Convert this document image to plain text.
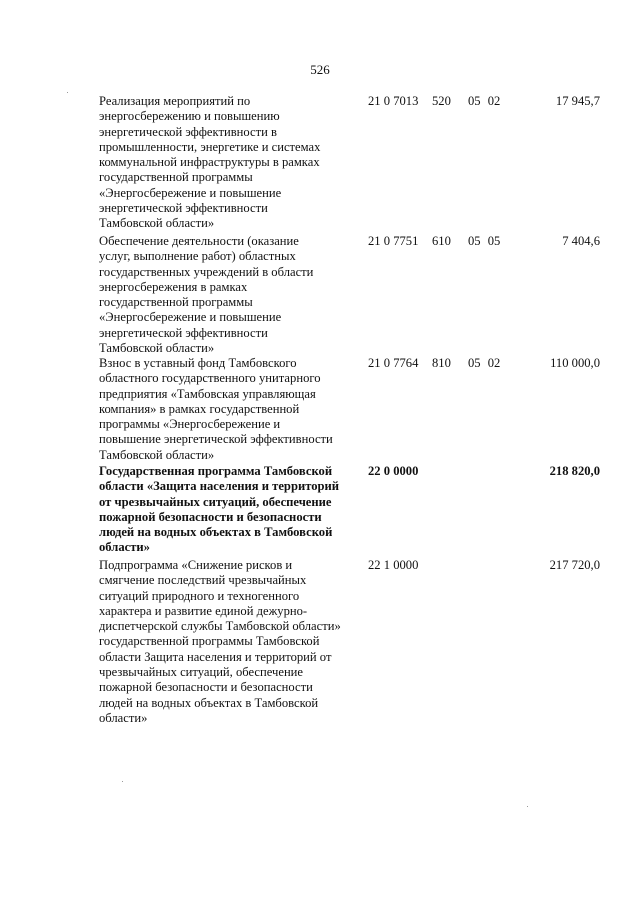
526
Реализация мероприятий по
энергосбережению и повышению
энергетической эффективности в
промышленности, энергетике и системах
коммунальной инфраструктуры в рамках
государственной программы
«Энергосбережение и повышение
энергетической эффективности
Тамбовской области»
21 0 7013 520 05 02	17 945,7
Обеспечение деятельности (оказание
услуг, выполнение работ) областных
государственных учреждений в области
энергосбережения в рамках
государственной программы
«Энергосбережение и повышение
энергетической эффективности
Тамбовской области»
21 0 7751 610 05 05	7 404,6
Взнос в уставный фонд Тамбовского
областного государственного унитарного
предприятия «Тамбовская управляющая
компания» в рамках государственной
программы «Энергосбережение и
повышение энергетической эффективности
Тамбовской области»
21 0 7764 810 05 02	110 000,0
Государственная программа Тамбовской
области «Защита населения и территорий
от чрезвычайных ситуаций, обеспечение
пожарной безопасности и безопасности
людей на водных объектах в Тамбовской
области»
22 0 0000	218 820,0
Подпрограмма «Снижение рисков и
смягчение последствий чрезвычайных
ситуаций природного и техногенного
характера и развитие единой дежурно-
диспетчерской службы Тамбовской области»
государственной программы Тамбовской
области Защита населения и территорий от
чрезвычайных ситуаций, обеспечение
пожарной безопасности и безопасности
людей на водных объектах в Тамбовской
области»
22 1 0000	217 720,0
